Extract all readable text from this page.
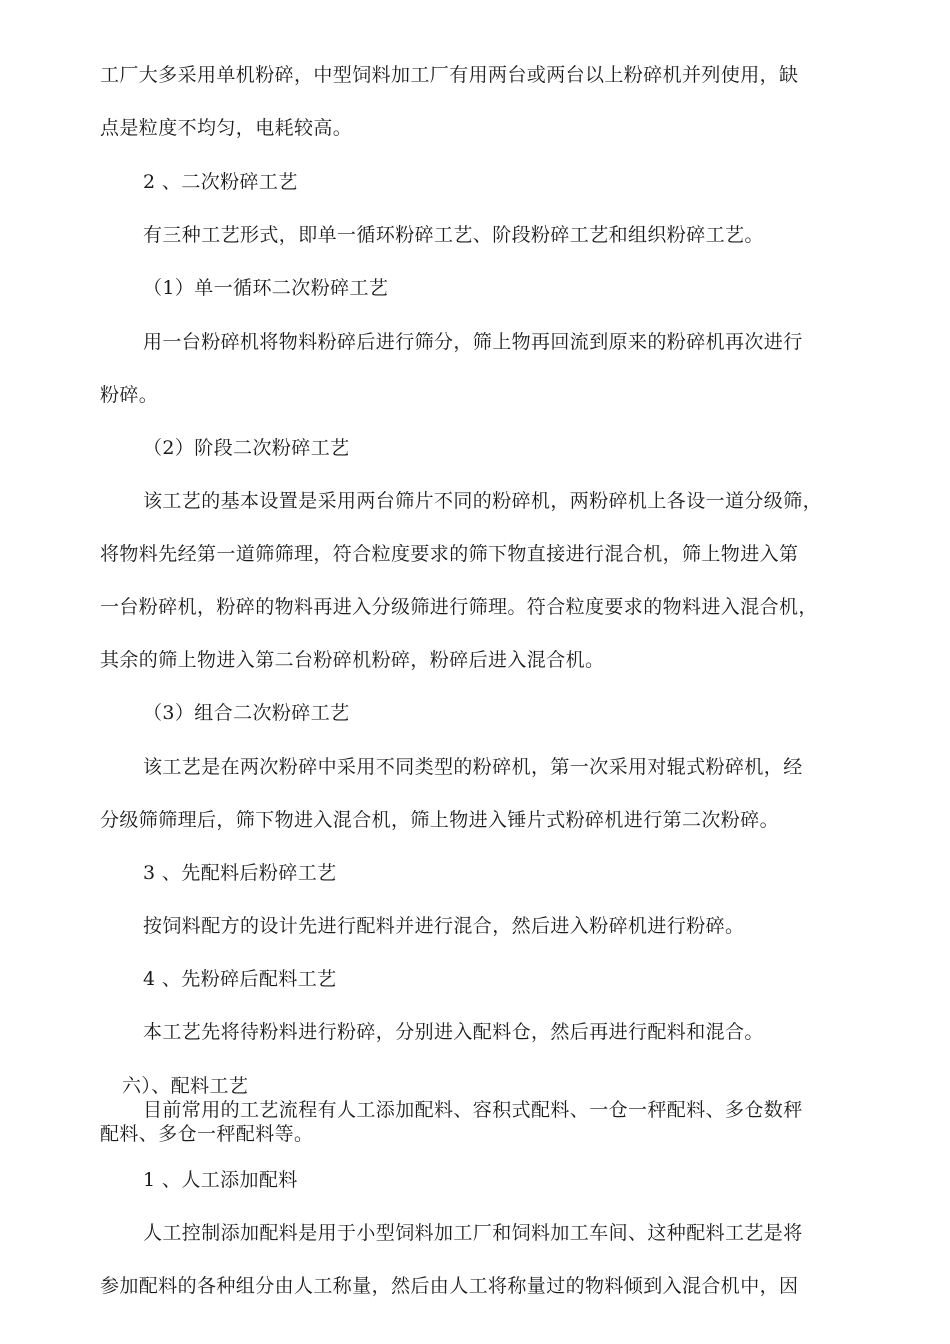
工厂大多采用单机粉碎，中型饲料加工厂有用两台或两台以上粉碎机并列使用，缺
点是粒度不均匀，电耗较高。
2 、二次粉碎工艺
有三种工艺形式，即单一循环粉碎工艺、阶段粉碎工艺和组织粉碎工艺。
（1）单一循环二次粉碎工艺
用一台粉碎机将物料粉碎后进行筛分，筛上物再回流到原来的粉碎机再次进行
粉碎。
（2）阶段二次粉碎工艺
该工艺的基本设置是采用两台筛片不同的粉碎机，两粉碎机上各设一道分级筛，
将物料先经第一道筛筛理，符合粒度要求的筛下物直接进行混合机，筛上物进入第
一台粉碎机，粉碎的物料再进入分级筛进行筛理。符合粒度要求的物料进入混合机，
其余的筛上物进入第二台粉碎机粉碎，粉碎后进入混合机。
（3）组合二次粉碎工艺
该工艺是在两次粉碎中采用不同类型的粉碎机，第一次采用对辊式粉碎机，经
分级筛筛理后，筛下物进入混合机，筛上物进入锤片式粉碎机进行第二次粉碎。
3 、先配料后粉碎工艺
按饲料配方的设计先进行配料并进行混合，然后进入粉碎机进行粉碎。
4 、先粉碎后配料工艺
本工艺先将待粉料进行粉碎，分别进入配料仓，然后再进行配料和混合。
六）、配料工艺
目前常用的工艺流程有人工添加配料、容积式配料、一仓一秤配料、多仓数秤
配料、多仓一秤配料等。
1 、人工添加配料
人工控制添加配料是用于小型饲料加工厂和饲料加工车间、这种配料工艺是将
参加配料的各种组分由人工称量，然后由人工将称量过的物料倾到入混合机中，因
